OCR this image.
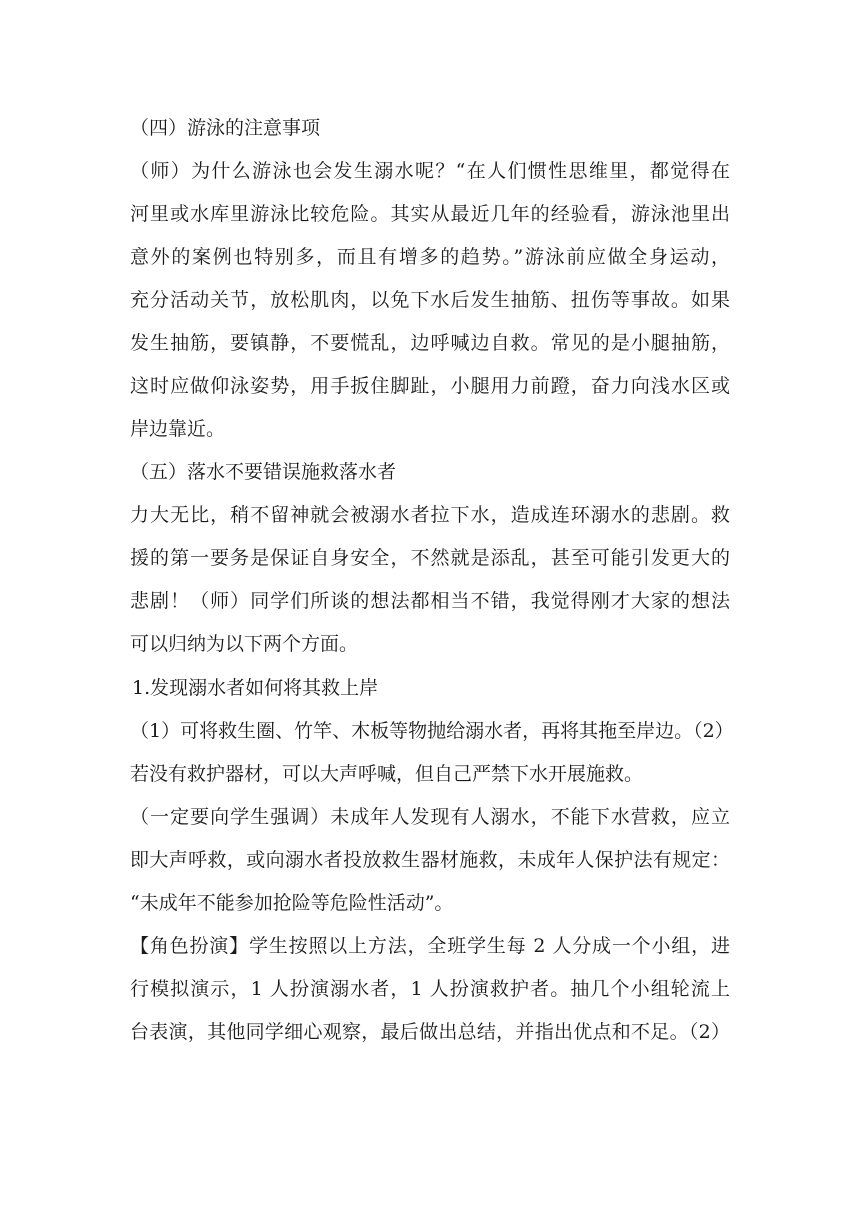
（四）游泳的注意事项
（师）为什么游泳也会发生溺水呢？“在人们惯性思维里，都觉得在
河里或水库里游泳比较危险。其实从最近几年的经验看，游泳池里出
意外的案例也特别多，而且有增多的趋势。”游泳前应做全身运动，
充分活动关节，放松肌肉，以免下水后发生抽筋、扭伤等事故。如果
发生抽筋，要镇静，不要慌乱，边呼喊边自救。常见的是小腿抽筋，
这时应做仰泳姿势，用手扳住脚趾，小腿用力前蹬，奋力向浅水区或
岸边靠近。
（五）落水不要错误施救落水者
力大无比，稍不留神就会被溺水者拉下水，造成连环溺水的悲剧。救
援的第一要务是保证自身安全，不然就是添乱，甚至可能引发更大的
悲剧！（师）同学们所谈的想法都相当不错，我觉得刚才大家的想法
可以归纳为以下两个方面。
1.发现溺水者如何将其救上岸
（1）可将救生圈、竹竿、木板等物抛给溺水者，再将其拖至岸边。（2）
若没有救护器材，可以大声呼喊，但自己严禁下水开展施救。
（一定要向学生强调）未成年人发现有人溺水，不能下水营救，应立
即大声呼救，或向溺水者投放救生器材施救，未成年人保护法有规定：
“未成年不能参加抢险等危险性活动”。
【角色扮演】学生按照以上方法，全班学生每 2 人分成一个小组，进
行模拟演示，1 人扮演溺水者，1 人扮演救护者。抽几个小组轮流上
台表演，其他同学细心观察，最后做出总结，并指出优点和不足。（2）
